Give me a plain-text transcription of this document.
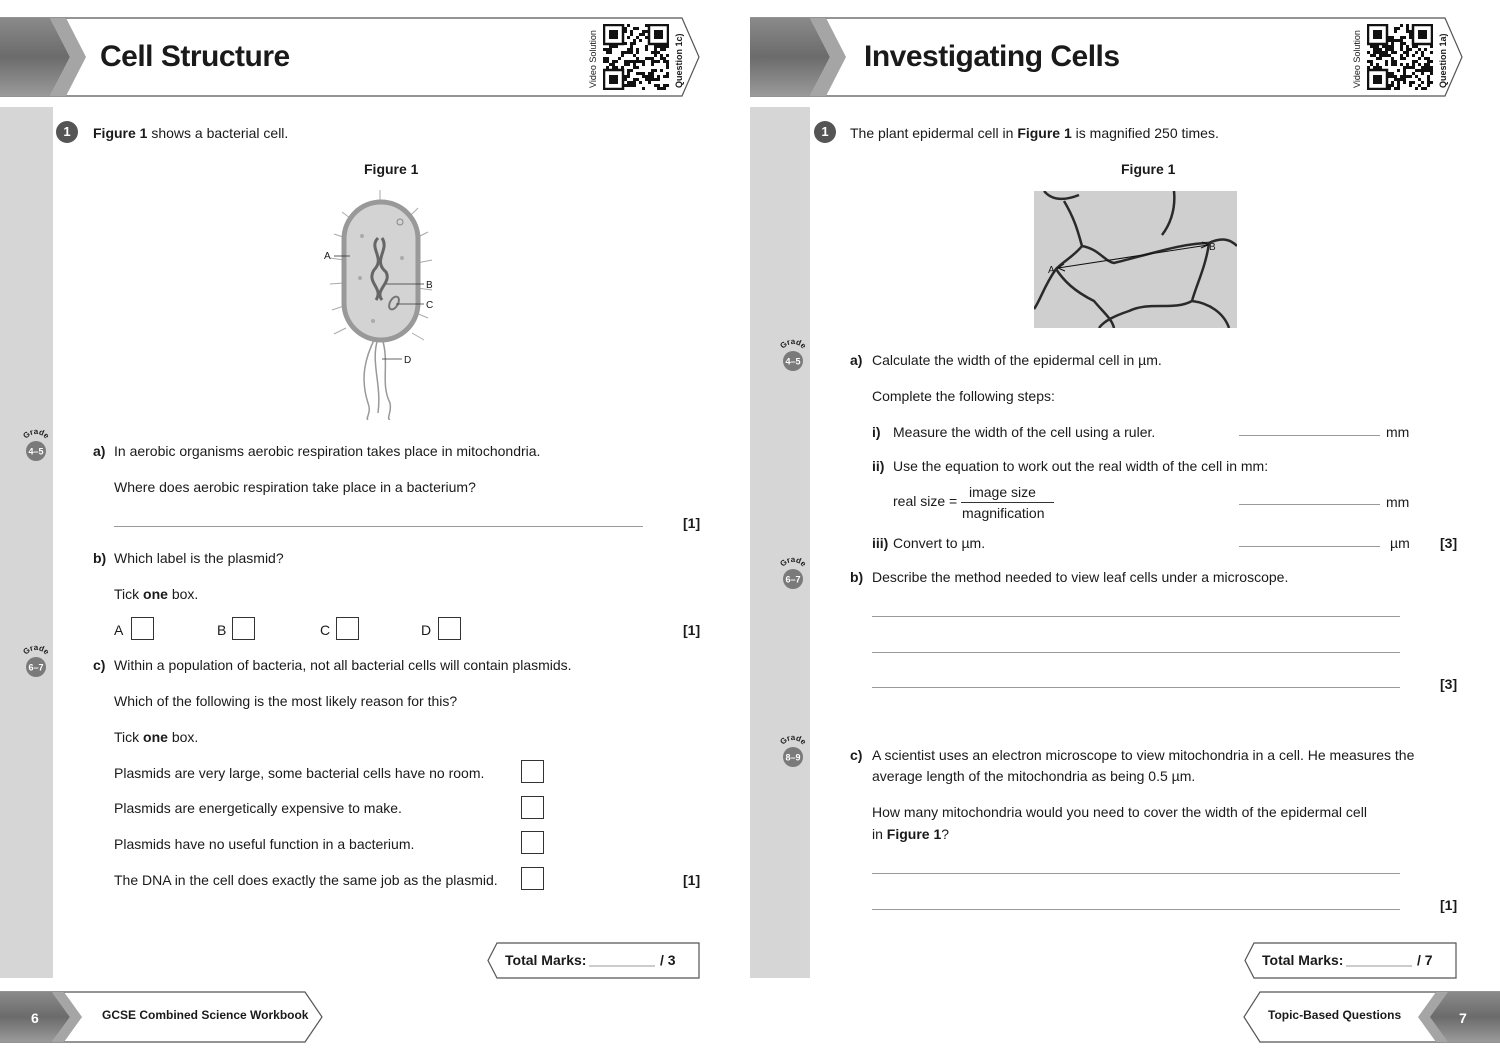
Cell Structure	Video Solution	Question 1c)
1	Figure 1 shows a bacterial cell.
Figure 1
A
B
C
D
Grade
4–5
Grade
6–7
a) In aerobic organisms aerobic respiration takes place in mitochondria.
Where does aerobic respiration take place in a bacterium?
[1]
b) Which label is the plasmid?
Tick one box.
A	B	C	D	[1]
c) Within a population of bacteria, not all bacterial cells will contain plasmids.
Which of the following is the most likely reason for this?
Tick one box.
Plasmids are very large, some bacterial cells have no room.
Plasmids are energetically expensive to make.
Plasmids have no useful function in a bacterium.
The DNA in the cell does exactly the same job as the plasmid.	[1]
Total Marks:	/ 3
6	GCSE Combined Science Workbook
Investigating Cells	Video Solution	Question 1a)
1	The plant epidermal cell in Figure 1 is magnified 250 times.
Figure 1
A
B
Grade
4–5
Grade
6–7
Grade
8–9
a) Calculate the width of the epidermal cell in µm.
Complete the following steps:
i) Measure the width of the cell using a ruler.	mm
ii) Use the equation to work out the real width of the cell in mm:
real size =
image size
magnification
mm
iii) Convert to µm.	µm [3]
b) Describe the method needed to view leaf cells under a microscope.
[3]
c) A scientist uses an electron microscope to view mitochondria in a cell. He measures the
average length of the mitochondria as being 0.5 µm.
How many mitochondria would you need to cover the width of the epidermal cell
in Figure 1?
[1]
Total Marks:	/ 7
Topic-Based Questions	7
